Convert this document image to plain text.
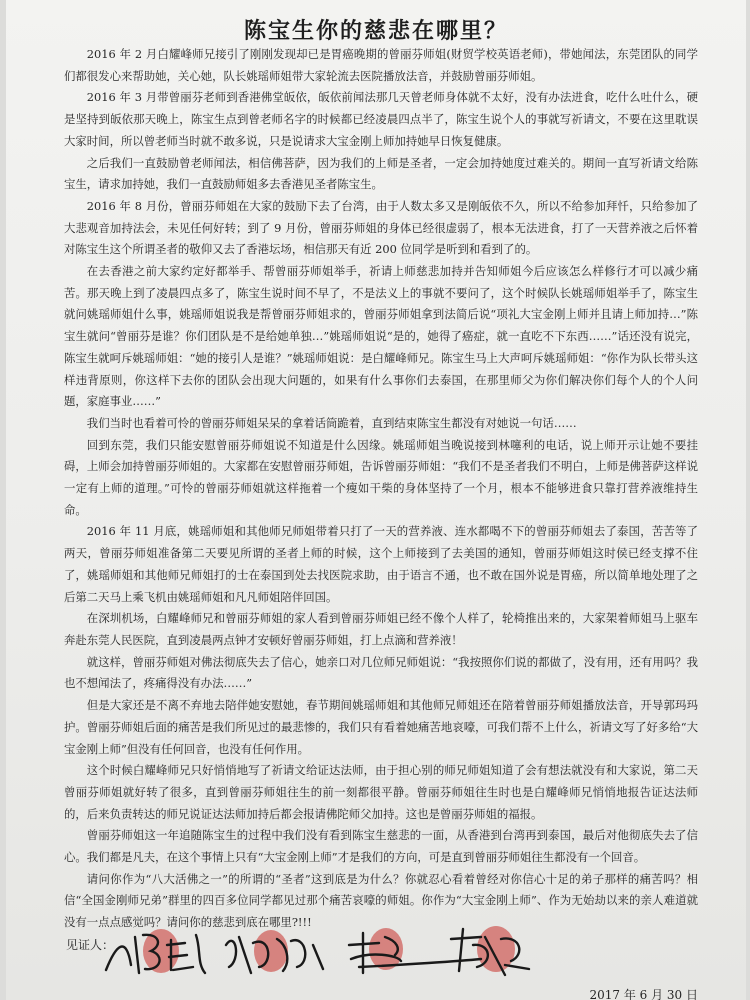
陈宝生你的慈悲在哪里？

2016 年 2 月白耀峰师兄接引了刚刚发现却已是胃癌晚期的曾丽芬师姐(财贸学校英语老师)，带她闻法，东莞团队的同学们都很发心来帮助她，关心她，队长姚瑶师姐带大家轮流去医院播放法音，并鼓励曾丽芬师姐。

2016 年 3 月带曾丽芬老师到香港佛堂皈依，皈依前闻法那几天曾老师身体就不太好，没有办法进食，吃什么吐什么，硬是坚持到皈依那天晚上，陈宝生点到曾老师名字的时候都已经凌晨四点半了，陈宝生说个人的事就写祈请文，不要在这里耽误大家时间，所以曾老师当时就不敢多说，只是说请求大宝金刚上师加持她早日恢复健康。

之后我们一直鼓励曾老师闻法，相信佛菩萨，因为我们的上师是圣者，一定会加持她度过难关的。期间一直写祈请文给陈宝生，请求加持她，我们一直鼓励师姐多去香港见圣者陈宝生。

2016 年 8 月份，曾丽芬师姐在大家的鼓励下去了台湾，由于人数太多又是刚皈依不久，所以不给参加拜忏，只给参加了大悲观音加持法会，未见任何好转；到了 9 月份，曾丽芬师姐的身体已经很虚弱了，根本无法进食，打了一天营养液之后怀着对陈宝生这个所谓圣者的敬仰又去了香港坛场，相信那天有近 200 位同学是听到和看到了的。

在去香港之前大家约定好都举手、帮曾丽芬师姐举手，祈请上师慈悲加持并告知师姐今后应该怎么样修行才可以减少痛苦。那天晚上到了凌晨四点多了，陈宝生说时间不早了，不是法义上的事就不要问了，这个时候队长姚瑶师姐举手了，陈宝生就问姚瑶师姐什么事，姚瑶师姐说我是帮曾丽芬师姐求的，曾丽芬师姐拿到法简后说“项礼大宝金刚上师并且请上师加持…”陈宝生就问“曾丽芬是谁？你们团队是不是给她单独…”姚瑶师姐说“是的，她得了癌症，就一直吃不下东西……”话还没有说完，陈宝生就呵斥姚瑶师姐：“她的接引人是谁？”姚瑶师姐说：是白耀峰师兄。陈宝生马上大声呵斥姚瑶师姐：“你作为队长带头这样违背原则，你这样下去你的团队会出现大问题的，如果有什么事你们去泰国，在那里师父为你们解决你们每个人的个人问题，家庭事业……”

我们当时也看着可怜的曾丽芬师姐呆呆的拿着话筒跪着，直到结束陈宝生都没有对她说一句话……

回到东莞，我们只能安慰曾丽芬师姐说不知道是什么因缘。姚瑶师姐当晚说接到林噻利的电话，说上师开示让她不要挂碍，上师会加持曾丽芬师姐的。大家都在安慰曾丽芬师姐，告诉曾丽芬师姐：“我们不是圣者我们不明白，上师是佛菩萨这样说一定有上师的道理。”可怜的曾丽芬师姐就这样拖着一个瘦如干柴的身体坚持了一个月，根本不能够进食只靠打营养液维持生命。

2016 年 11 月底，姚瑶师姐和其他师兄师姐带着只打了一天的营养液、连水都喝不下的曾丽芬师姐去了泰国，苦苦等了两天，曾丽芬师姐准备第二天要见所谓的圣者上师的时候，这个上师接到了去美国的通知，曾丽芬师姐这时侯已经支撑不住了，姚瑶师姐和其他师兄师姐打的士在泰国到处去找医院求助，由于语言不通，也不敢在国外说是胃癌，所以简单地处理了之后第二天马上乘飞机由姚瑶师姐和凡凡师姐陪伴回国。

在深圳机场，白耀峰师兄和曾丽芬师姐的家人看到曾丽芬师姐已经不像个人样了，轮椅推出来的，大家架着师姐马上驱车奔赴东莞人民医院，直到凌晨两点钟才安顿好曾丽芬师姐，打上点滴和营养液！

就这样，曾丽芬师姐对佛法彻底失去了信心，她亲口对几位师兄师姐说：“我按照你们说的都做了，没有用，还有用吗？我也不想闻法了，疼痛得没有办法……”

但是大家还是不离不弃地去陪伴她安慰她，春节期间姚瑶师姐和其他师兄师姐还在陪着曾丽芬师姐播放法音，开导郭玛玛护。曾丽芬师姐后面的痛苦是我们所见过的最悲惨的，我们只有看着她痛苦地哀嚎，可我们帮不上什么，祈请文写了好多给“大宝金刚上师”但没有任何回音，也没有任何作用。

这个时候白耀峰师兄只好悄悄地写了祈请文给证达法师，由于担心别的师兄师姐知道了会有想法就没有和大家说，第二天曾丽芬师姐就好转了很多，直到曾丽芬师姐往生的前一刻都很平静。曾丽芬师姐往生时也是白耀峰师兄悄悄地报告证达法师的，后来负责转达的师兄说证达法师加持后都会报请佛陀师父加持。这也是曾丽芬师姐的福报。

曾丽芬师姐这一年追随陈宝生的过程中我们没有看到陈宝生慈悲的一面，从香港到台湾再到泰国，最后对他彻底失去了信心。我们都是凡夫，在这个事情上只有“大宝金刚上师”才是我们的方向，可是直到曾丽芬师姐往生都没有一个回音。

请问你作为“八大活佛之一”的所谓的“圣者”这到底是为什么？你就忍心看着曾经对你信心十足的弟子那样的痛苦吗？相信“全国金刚师兄弟”群里的四百多位同学都见过那个痛苦哀嚎的师姐。你作为“大宝金刚上师”、作为无始劫以来的亲人难道就没有一点点感觉吗？请问你的慈悲到底在哪里?!!!

见证人：
2017 年 6 月 30 日
